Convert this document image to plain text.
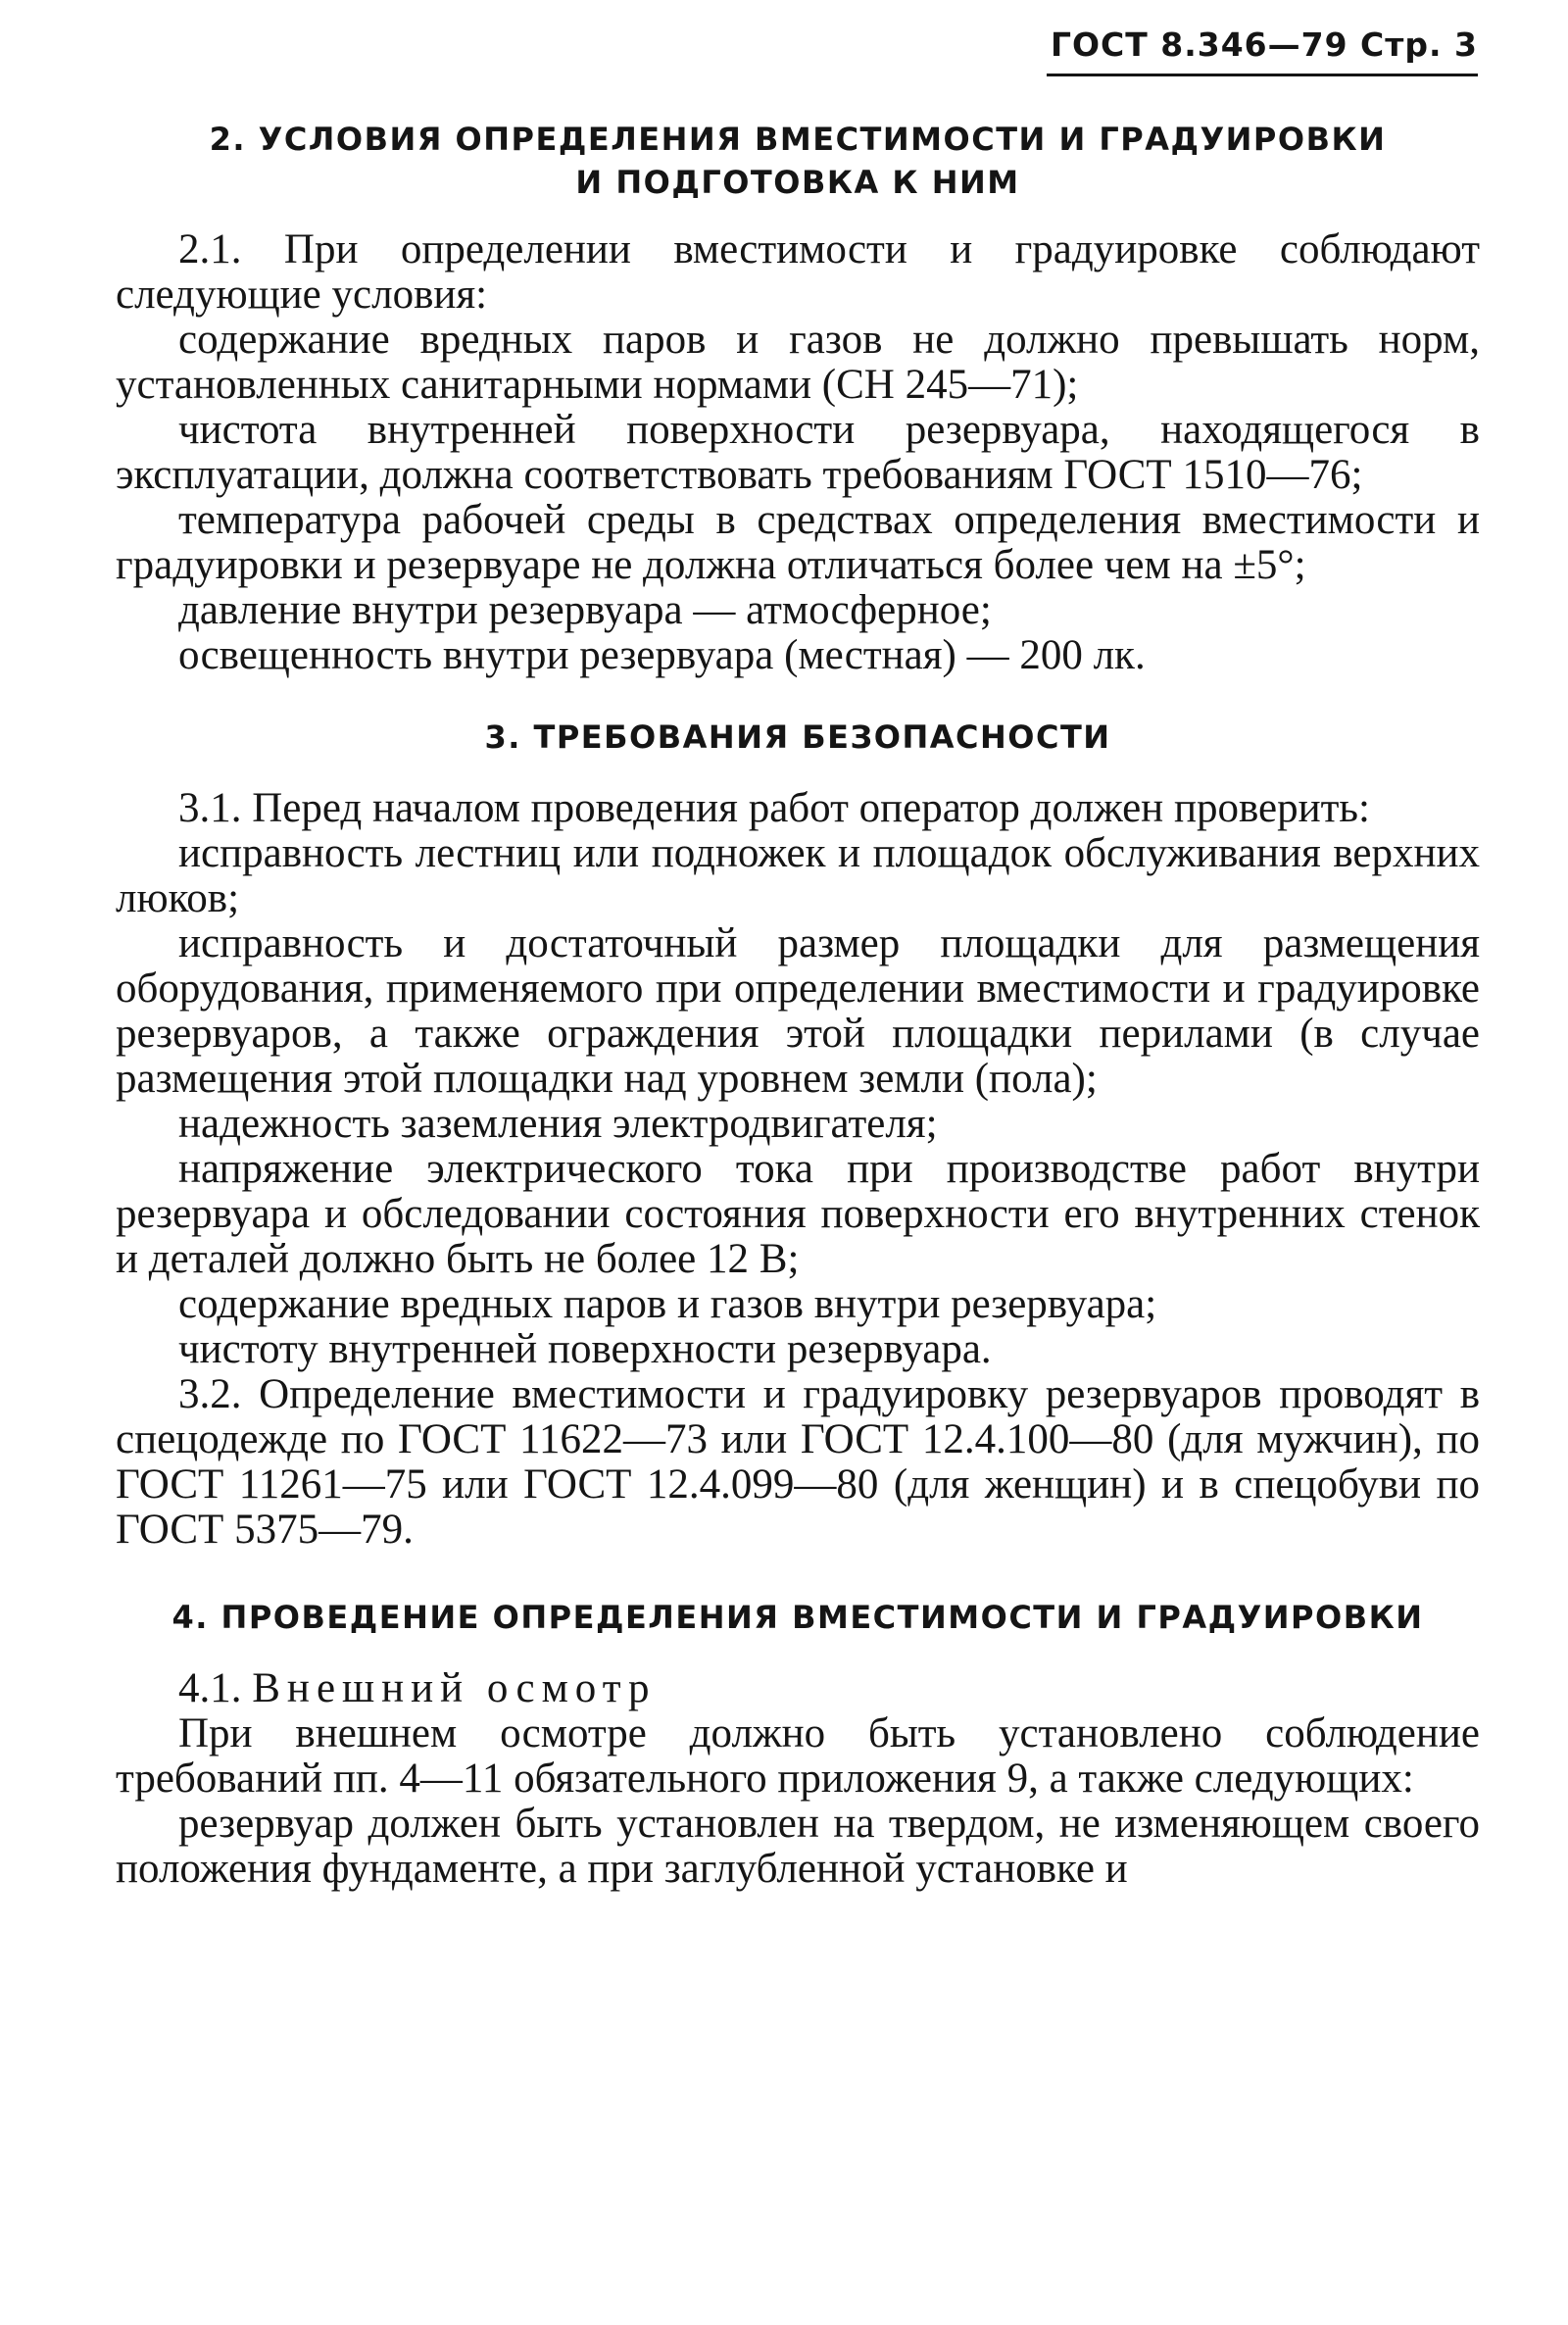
ГОСТ 8.346—79 Стр. 3
2. УСЛОВИЯ ОПРЕДЕЛЕНИЯ ВМЕСТИМОСТИ И ГРАДУИРОВКИ
И ПОДГОТОВКА К НИМ

2.1. При определении вместимости и градуировке соблюдают следующие условия:

содержание вредных паров и газов не должно превышать норм, установленных санитарными нормами (СН 245—71);

чистота внутренней поверхности резервуара, находящегося в эксплуатации, должна соответствовать требованиям ГОСТ 1510—76;

температура рабочей среды в средствах определения вместимости и градуировки и резервуаре не должна отличаться более чем на ±5°;

давление внутри резервуара — атмосферное;

освещенность внутри резервуара (местная) — 200 лк.

3. ТРЕБОВАНИЯ БЕЗОПАСНОСТИ

3.1. Перед началом проведения работ оператор должен проверить:

исправность лестниц или подножек и площадок обслуживания верхних люков;

исправность и достаточный размер площадки для размещения оборудования, применяемого при определении вместимости и градуировке резервуаров, а также ограждения этой площадки перилами (в случае размещения этой площадки над уровнем земли (пола);

надежность заземления электродвигателя;

напряжение электрического тока при производстве работ внутри резервуара и обследовании состояния поверхности его внутренних стенок и деталей должно быть не более 12 В;

содержание вредных паров и газов внутри резервуара;

чистоту внутренней поверхности резервуара.

3.2. Определение вместимости и градуировку резервуаров проводят в спецодежде по ГОСТ 11622—73 или ГОСТ 12.4.100—80 (для мужчин), по ГОСТ 11261—75 или ГОСТ 12.4.099—80 (для женщин) и в спецобуви по ГОСТ 5375—79.

4. ПРОВЕДЕНИЕ ОПРЕДЕЛЕНИЯ ВМЕСТИМОСТИ И ГРАДУИРОВКИ

4.1. Внешний осмотр

При внешнем осмотре должно быть установлено соблюдение требований пп. 4—11 обязательного приложения 9, а также следующих:

резервуар должен быть установлен на твердом, не изменяющем своего положения фундаменте, а при заглубленной установке и
